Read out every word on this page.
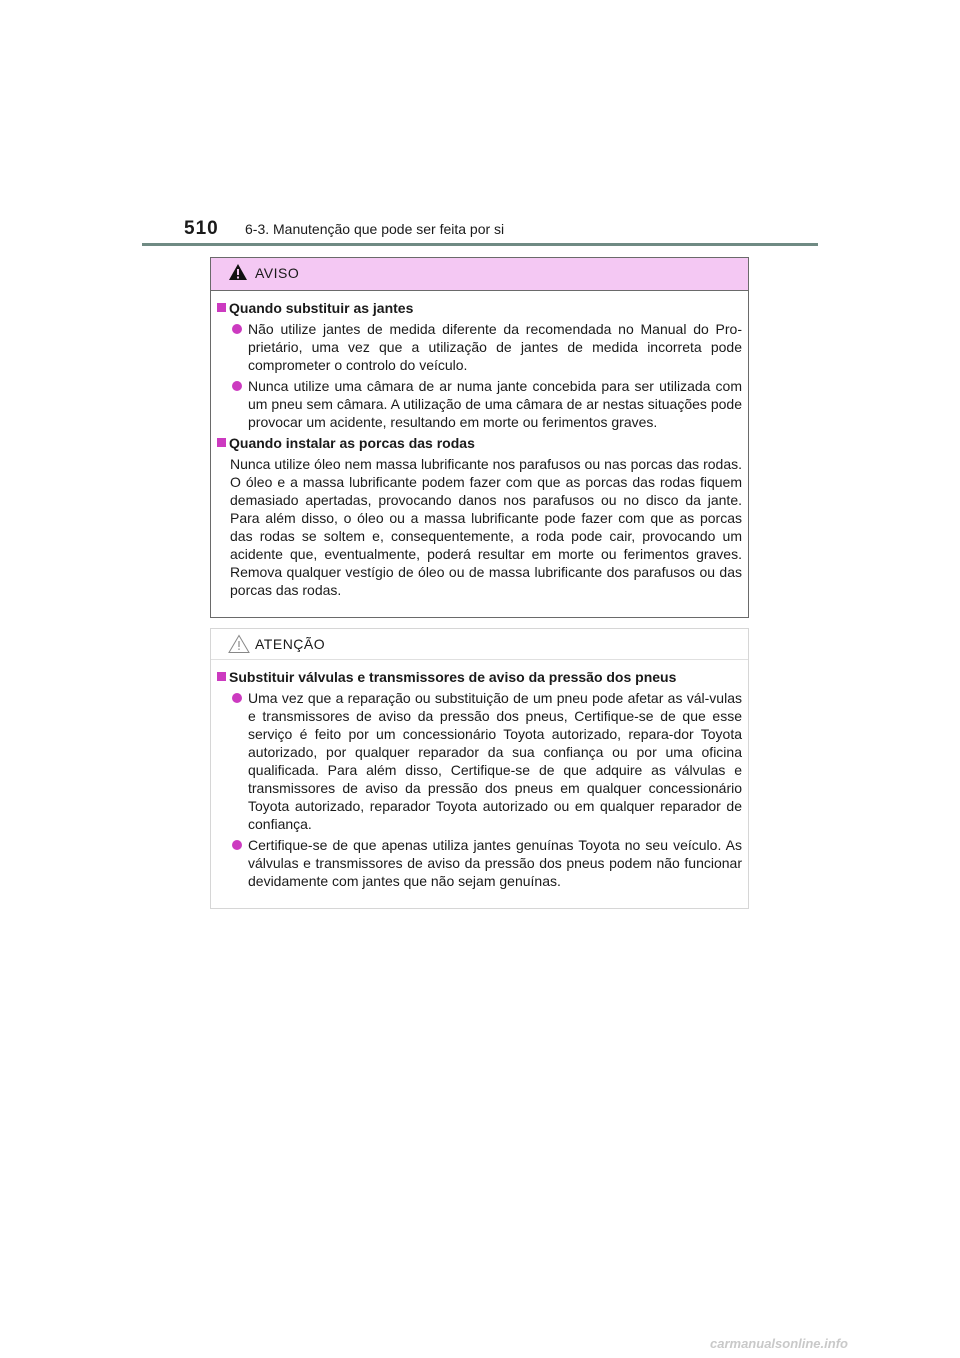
510 6-3. Manutenção que pode ser feita por si
AVISO
Quando substituir as jantes
Não utilize jantes de medida diferente da recomendada no Manual do Pro-prietário, uma vez que a utilização de jantes de medida incorreta pode comprometer o controlo do veículo.
Nunca utilize uma câmara de ar numa jante concebida para ser utilizada com um pneu sem câmara. A utilização de uma câmara de ar nestas situações pode provocar um acidente, resultando em morte ou ferimentos graves.
Quando instalar as porcas das rodas
Nunca utilize óleo nem massa lubrificante nos parafusos ou nas porcas das rodas. O óleo e a massa lubrificante podem fazer com que as porcas das rodas fiquem demasiado apertadas, provocando danos nos parafusos ou no disco da jante. Para além disso, o óleo ou a massa lubrificante pode fazer com que as porcas das rodas se soltem e, consequentemente, a roda pode cair, provocando um acidente que, eventualmente, poderá resultar em morte ou ferimentos graves. Remova qualquer vestígio de óleo ou de massa lubrificante dos parafusos ou das porcas das rodas.
ATENÇÃO
Substituir válvulas e transmissores de aviso da pressão dos pneus
Uma vez que a reparação ou substituição de um pneu pode afetar as vál-vulas e transmissores de aviso da pressão dos pneus, Certifique-se de que esse serviço é feito por um concessionário Toyota autorizado, repara-dor Toyota autorizado, por qualquer reparador da sua confiança ou por uma oficina qualificada. Para além disso, Certifique-se de que adquire as válvulas e transmissores de aviso da pressão dos pneus em qualquer concessionário Toyota autorizado, reparador Toyota autorizado ou em qualquer reparador de confiança.
Certifique-se de que apenas utiliza jantes genuínas Toyota no seu veículo. As válvulas e transmissores de aviso da pressão dos pneus podem não funcionar devidamente com jantes que não sejam genuínas.
carmanualsonline.info
